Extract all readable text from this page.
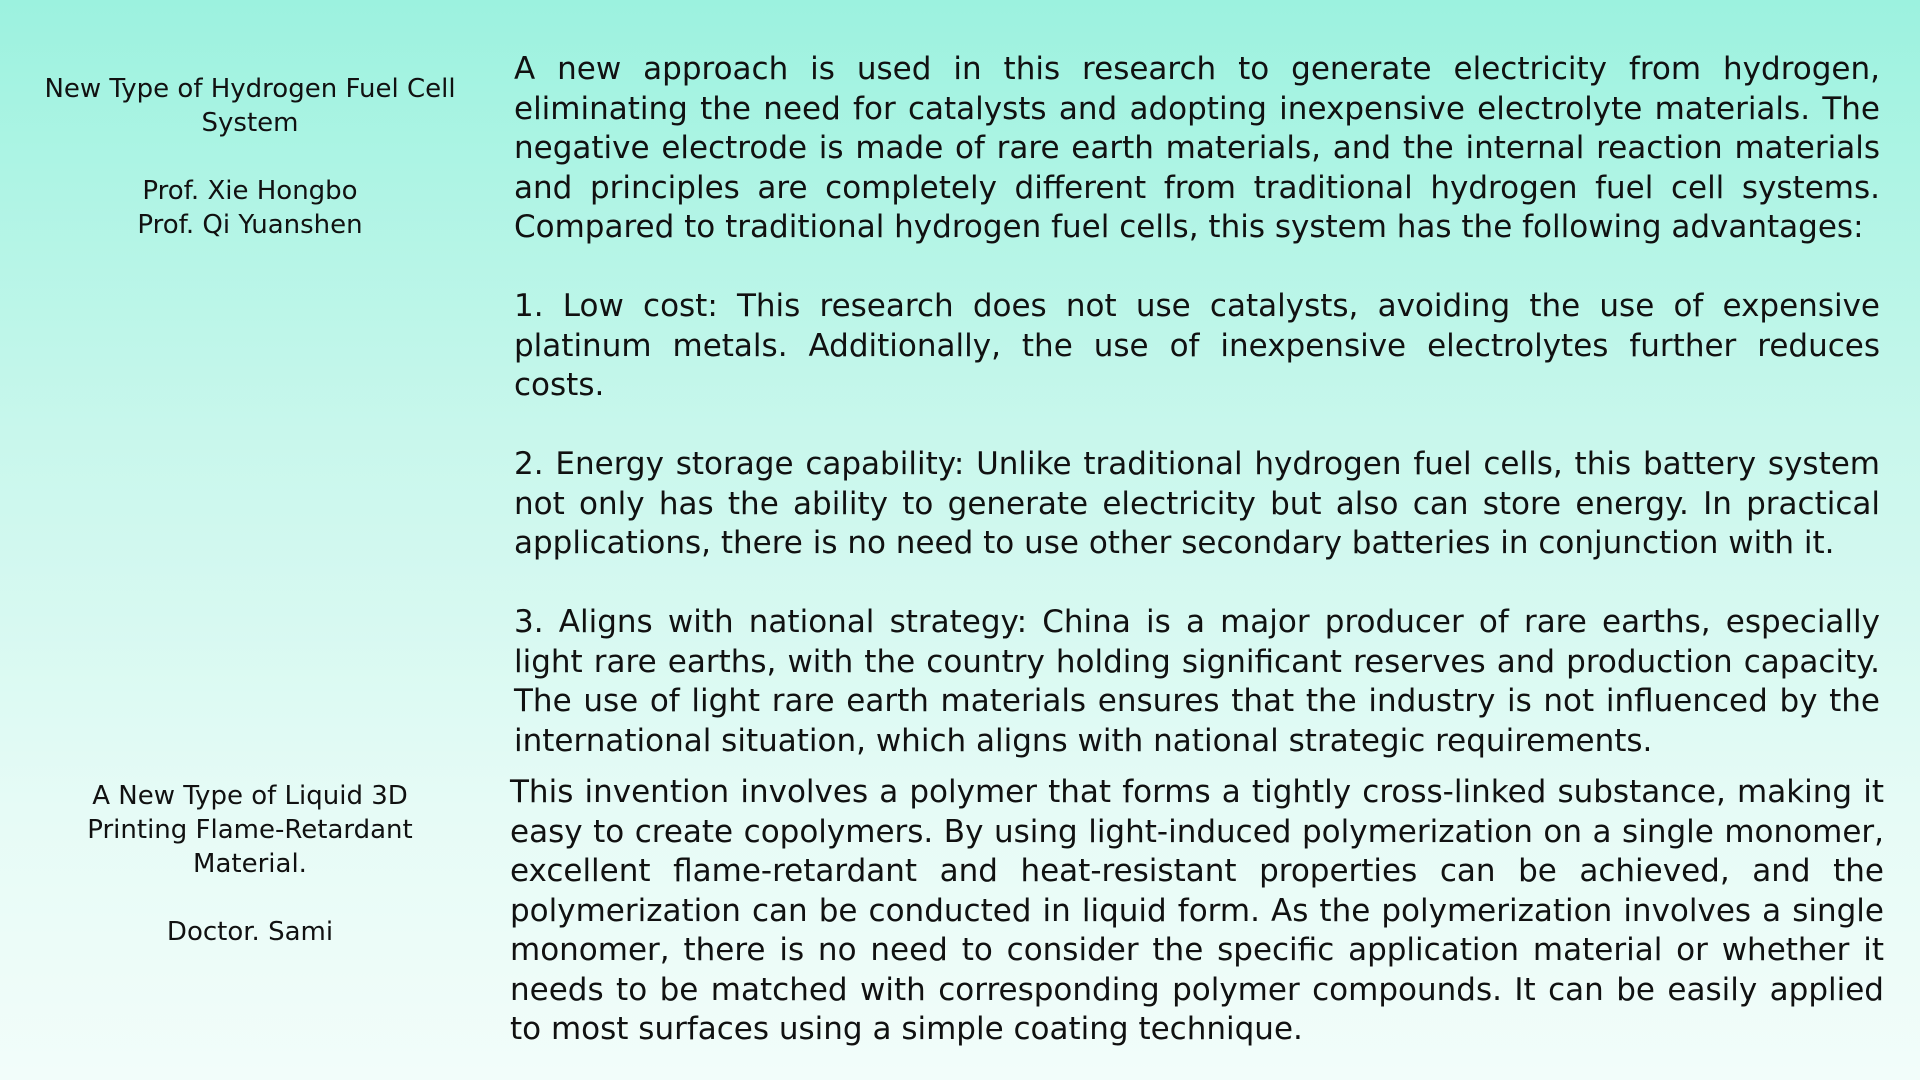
New Type of Hydrogen Fuel Cell System

Prof. Xie Hongbo

Prof. Qi Yuanshen

A new approach is used in this research to generate electricity from hydrogen, eliminating the need for catalysts and adopting inexpensive electrolyte materials. The negative electrode is made of rare earth materials, and the internal reaction materials and principles are completely different from traditional hydrogen fuel cell systems. Compared to traditional hydrogen fuel cells, this system has the following advantages:

1. Low cost: This research does not use catalysts, avoiding the use of expensive platinum metals. Additionally, the use of inexpensive electrolytes further reduces costs.

2. Energy storage capability: Unlike traditional hydrogen fuel cells, this battery system not only has the ability to generate electricity but also can store energy. In practical applications, there is no need to use other secondary batteries in conjunction with it.

3. Aligns with national strategy: China is a major producer of rare earths, especially light rare earths, with the country holding significant reserves and production capacity. The use of light rare earth materials ensures that the industry is not influenced by the international situation, which aligns with national strategic requirements.

A New Type of Liquid 3D Printing Flame-Retardant Material.

Doctor. Sami

This invention involves a polymer that forms a tightly cross-linked substance, making it easy to create copolymers. By using light-induced polymerization on a single monomer, excellent flame-retardant and heat-resistant properties can be achieved, and the polymerization can be conducted in liquid form. As the polymerization involves a single monomer, there is no need to consider the specific application material or whether it needs to be matched with corresponding polymer compounds. It can be easily applied to most surfaces using a simple coating technique.
